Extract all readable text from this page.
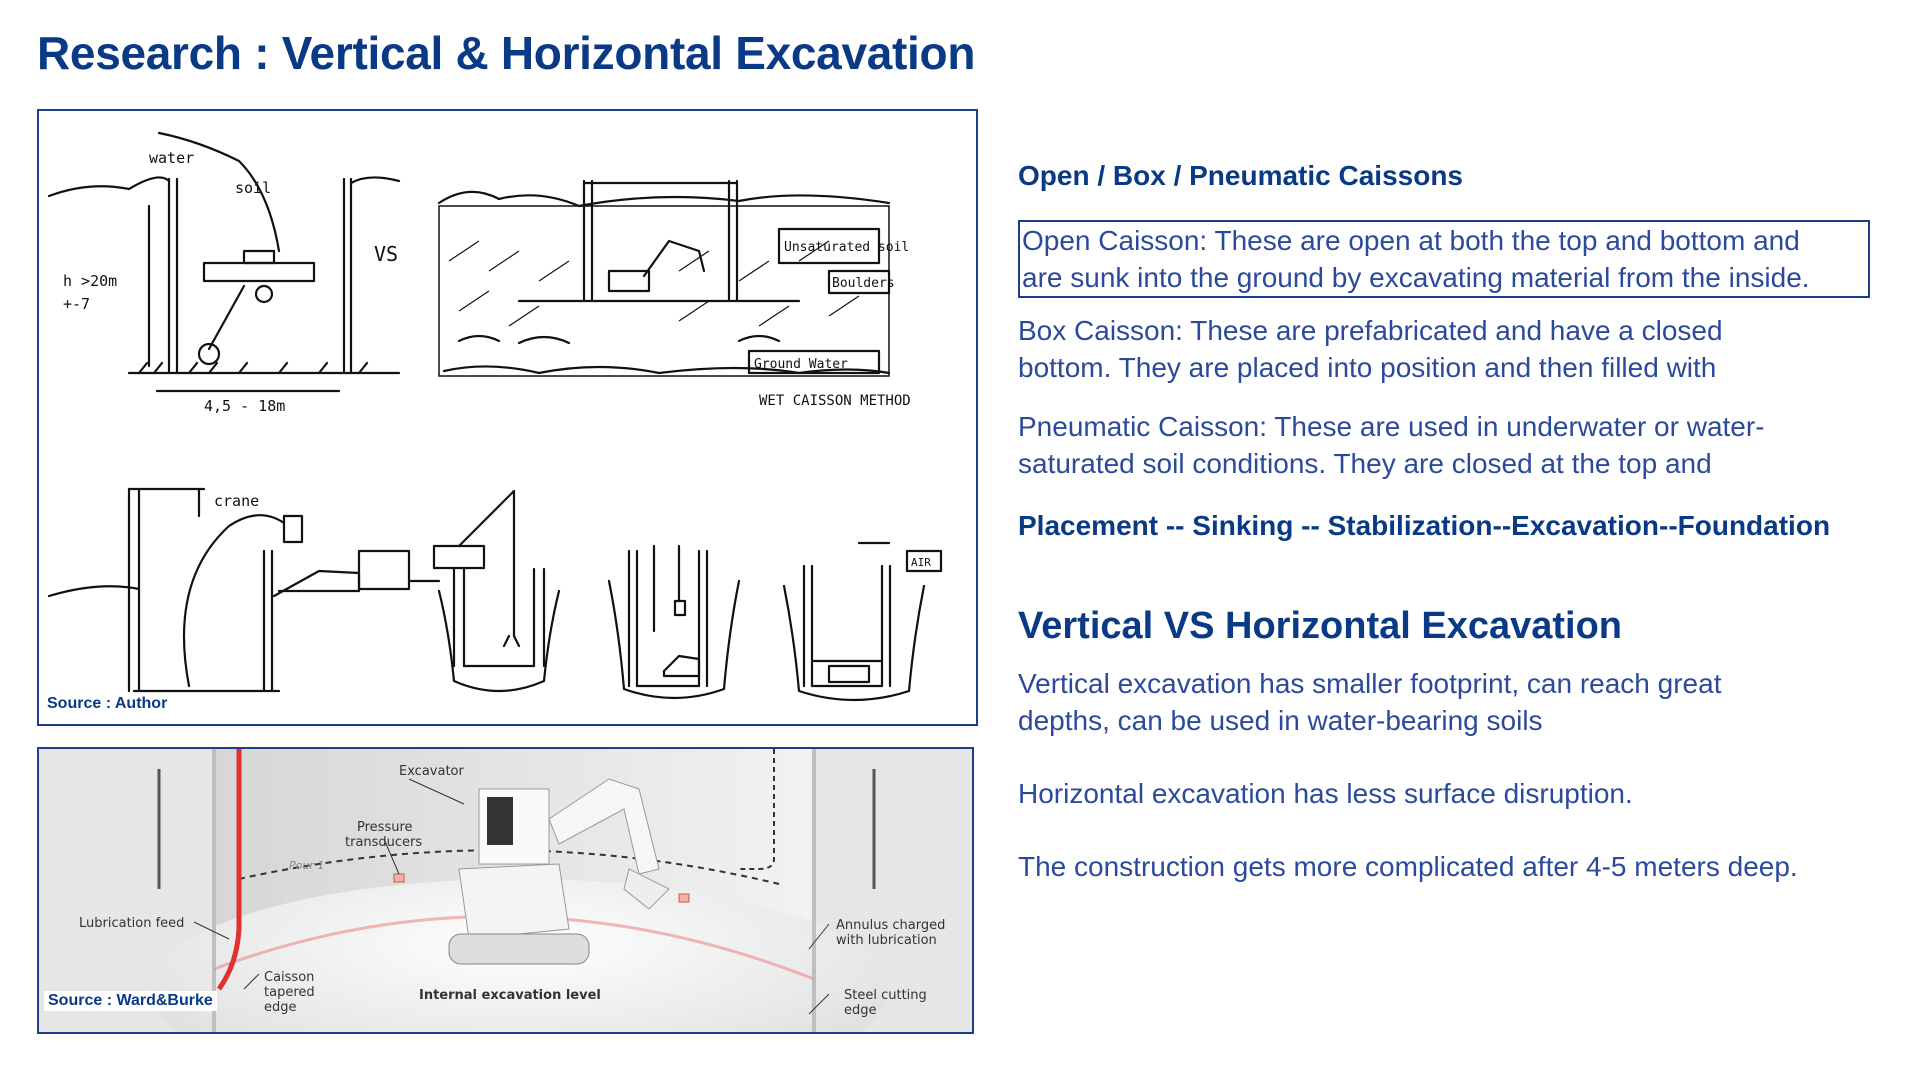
Research : Vertical & Horizontal Excavation
water
soil
h >20m
+-7
4,5 - 18m
VS	Unsaturated soil
Boulders
Ground Water
WET CAISSON METHOD
crane
AIR
Source : Author
Excavator
Pressure
transducers
Pour 1
Lubrication feed	Annulus charged
with lubrication
Caisson
tapered
edge
Internal excavation level	Steel cutting
edge
Source : Ward&Burke
Open / Box / Pneumatic Caissons
Open Caisson: These are open at both the top and bottom and
are sunk into the ground by excavating material from the inside.
Box Caisson: These are prefabricated and have a closed
bottom. They are placed into position and then filled with
Pneumatic Caisson: These are used in underwater or water-
saturated soil conditions. They are closed at the top and
Placement -- Sinking -- Stabilization--Excavation--Foundation
Vertical VS Horizontal Excavation
Vertical excavation has smaller footprint, can reach great
depths, can be used in water-bearing soils
Horizontal excavation has less surface disruption.
The construction gets more complicated after 4-5 meters deep.
